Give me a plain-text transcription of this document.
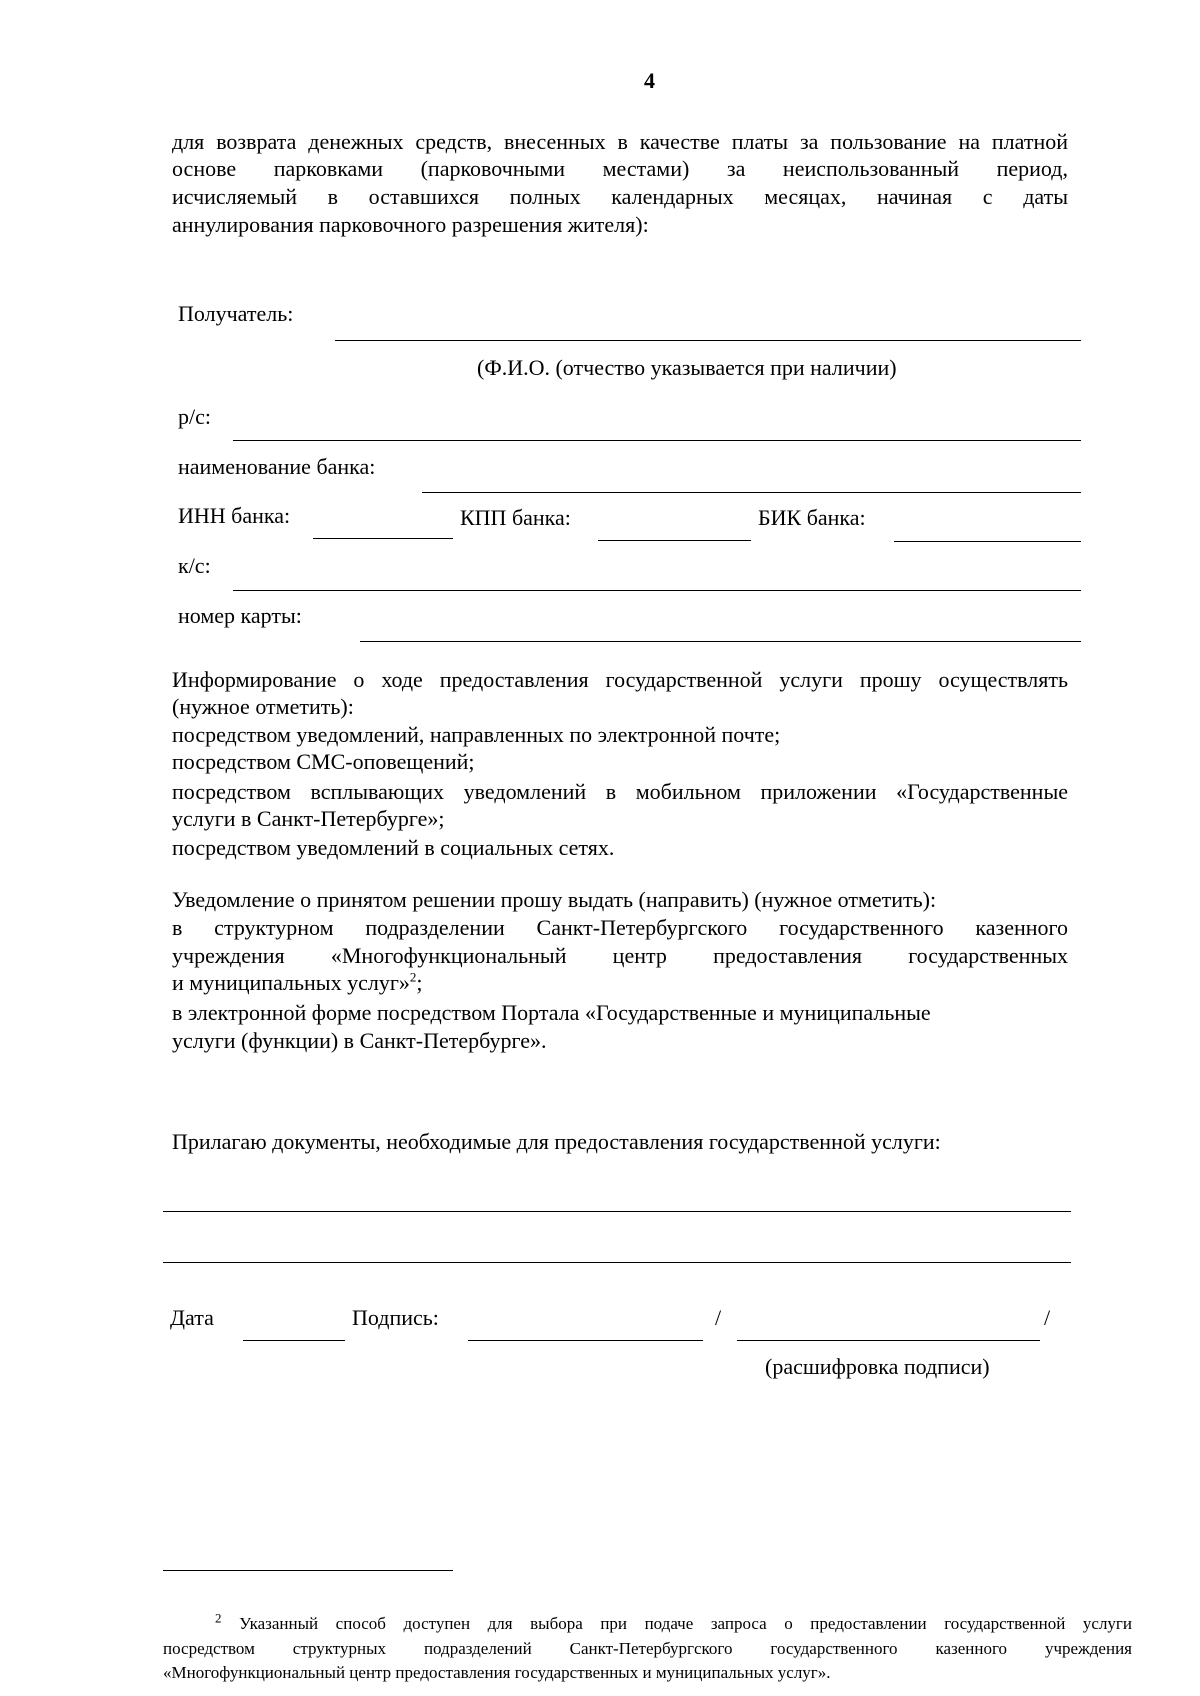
4
для возврата денежных средств, внесенных в качестве платы за пользование на платной
основе парковками (парковочными местами) за неиспользованный период,
исчисляемый в оставшихся полных календарных месяцах, начиная с даты
аннулирования парковочного разрешения жителя):
Получатель:
(Ф.И.О. (отчество указывается при наличии)
р/с:
наименование банка:
ИНН банка:	КПП банка:	БИК банка:
к/с:
номер карты:
Информирование о ходе предоставления государственной услуги прошу осуществлять
(нужное отметить):
посредством уведомлений, направленных по электронной почте;
посредством СМС-оповещений;
посредством всплывающих уведомлений в мобильном приложении «Государственные
услуги в Санкт-Петербурге»;
посредством уведомлений в социальных сетях.
Уведомление о принятом решении прошу выдать (направить) (нужное отметить):
в структурном подразделении Санкт-Петербургского государственного казенного
учреждения «Многофункциональный центр предоставления государственных
и муниципальных услуг»$^2$;
в электронной форме посредством Портала «Государственные и муниципальные
услуги (функции) в Санкт-Петербурге».
Прилагаю документы, необходимые для предоставления государственной услуги:
Дата	Подпись:	/	/
(расшифровка подписи)
$^2$ Указанный способ доступен для выбора при подаче запроса о предоставлении государственной услуги
посредством структурных подразделений Санкт-Петербургского государственного казенного учреждения
«Многофункциональный центр предоставления государственных и муниципальных услуг».
